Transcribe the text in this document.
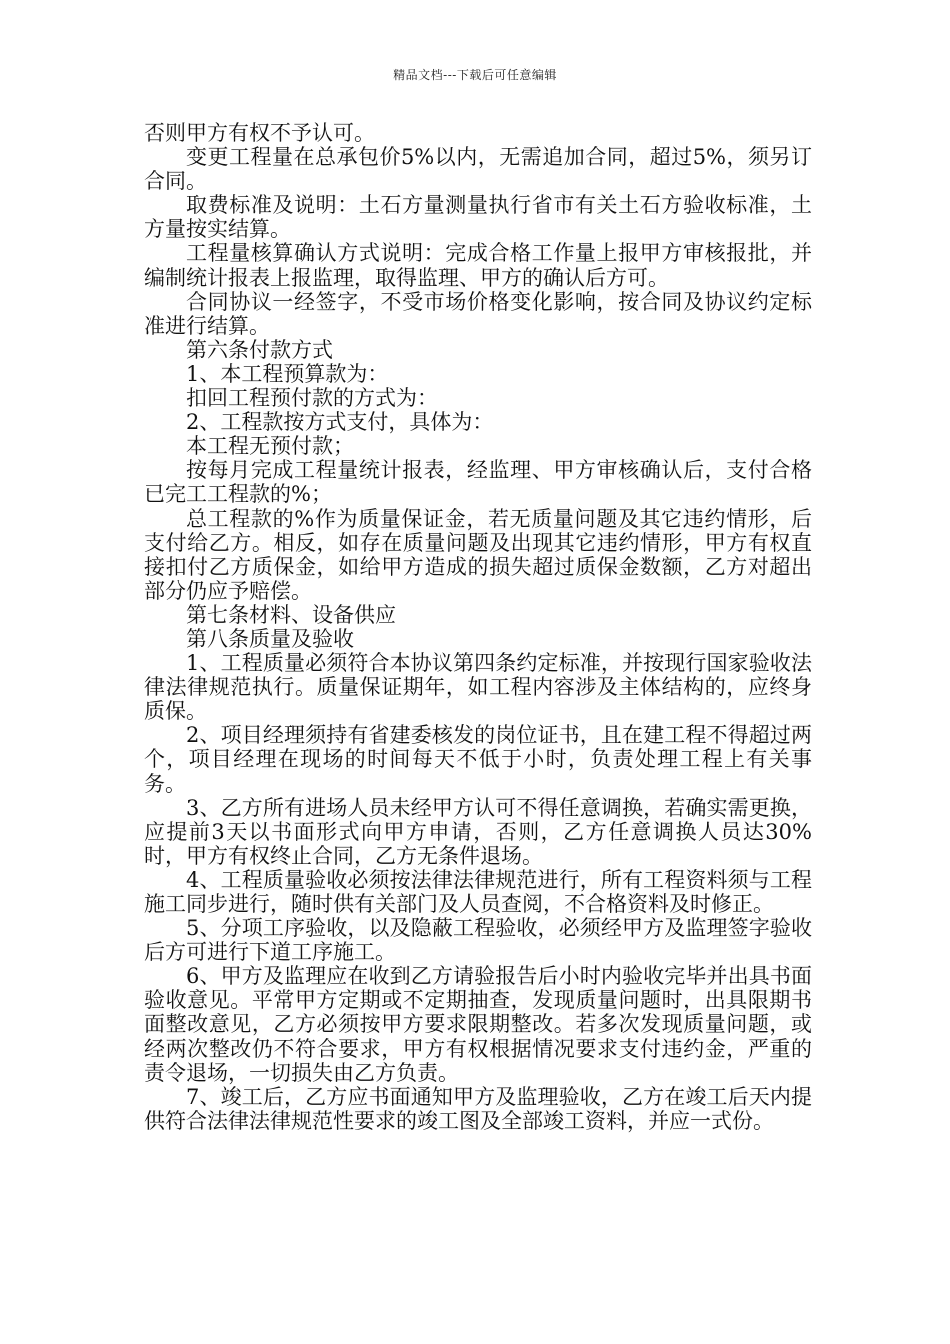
精品文档---下载后可任意编辑

否则甲方有权不予认可。

变更工程量在总承包价5%以内，无需追加合同，超过5%，须另订合同。

取费标准及说明：土石方量测量执行省市有关土石方验收标准，土方量按实结算。

工程量核算确认方式说明：完成合格工作量上报甲方审核报批，并编制统计报表上报监理，取得监理、甲方的确认后方可。

合同协议一经签字，不受市场价格变化影响，按合同及协议约定标准进行结算。

第六条付款方式

1、本工程预算款为：

扣回工程预付款的方式为：

2、工程款按方式支付，具体为：

本工程无预付款；

按每月完成工程量统计报表，经监理、甲方审核确认后，支付合格已完工工程款的%；

总工程款的%作为质量保证金，若无质量问题及其它违约情形，后支付给乙方。相反，如存在质量问题及出现其它违约情形，甲方有权直接扣付乙方质保金，如给甲方造成的损失超过质保金数额，乙方对超出部分仍应予赔偿。

第七条材料、设备供应

第八条质量及验收

1、工程质量必须符合本协议第四条约定标准，并按现行国家验收法律法律规范执行。质量保证期年，如工程内容涉及主体结构的，应终身质保。

2、项目经理须持有省建委核发的岗位证书，且在建工程不得超过两个，项目经理在现场的时间每天不低于小时，负责处理工程上有关事务。

3、乙方所有进场人员未经甲方认可不得任意调换，若确实需更换，应提前3天以书面形式向甲方申请，否则，乙方任意调换人员达30%时，甲方有权终止合同，乙方无条件退场。

4、工程质量验收必须按法律法律规范进行，所有工程资料须与工程施工同步进行，随时供有关部门及人员查阅，不合格资料及时修正。

5、分项工序验收，以及隐蔽工程验收，必须经甲方及监理签字验收后方可进行下道工序施工。

6、甲方及监理应在收到乙方请验报告后小时内验收完毕并出具书面验收意见。平常甲方定期或不定期抽查，发现质量问题时，出具限期书面整改意见，乙方必须按甲方要求限期整改。若多次发现质量问题，或经两次整改仍不符合要求，甲方有权根据情况要求支付违约金，严重的责令退场，一切损失由乙方负责。

7、竣工后，乙方应书面通知甲方及监理验收，乙方在竣工后天内提供符合法律法律规范性要求的竣工图及全部竣工资料，并应一式份。
